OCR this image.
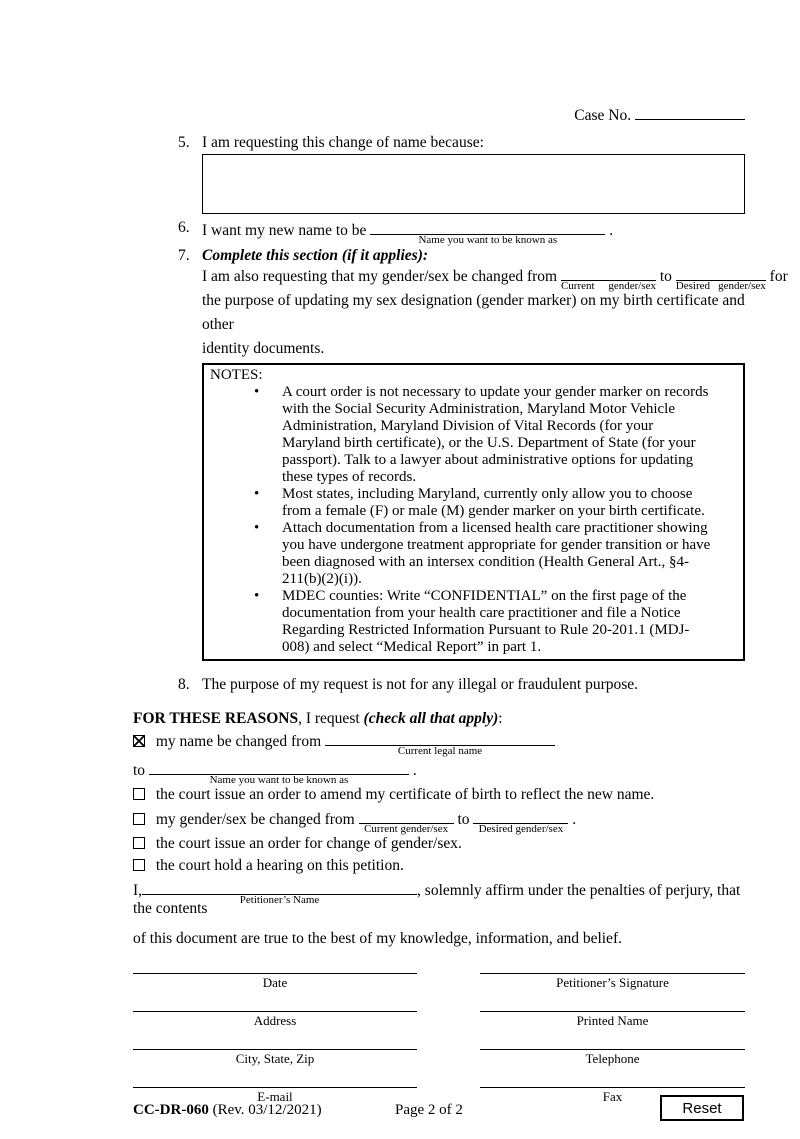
Case No.
5. I am requesting this change of name because:
6. I want my new name to be
Name you want to be known as
.
7. Complete this section (if it applies):
I am also requesting that my gender/sex be changed from
Current gender/sex
to
Desired gender/sex
for
the purpose of updating my sex designation (gender marker) on my birth certificate and other
identity documents.
NOTES:
• A court order is not necessary to update your gender marker on records with the Social Security Administration, Maryland Motor Vehicle Administration, Maryland Division of Vital Records (for your Maryland birth certificate), or the U.S. Department of State (for your passport). Talk to a lawyer about administrative options for updating these types of records.
• Most states, including Maryland, currently only allow you to choose from a female (F) or male (M) gender marker on your birth certificate.
• Attach documentation from a licensed health care practitioner showing you have undergone treatment appropriate for gender transition or have been diagnosed with an intersex condition (Health General Art., §4-211(b)(2)(i)).
• MDEC counties: Write “CONFIDENTIAL” on the first page of the documentation from your health care practitioner and file a Notice Regarding Restricted Information Pursuant to Rule 20-201.1 (MDJ-008) and select “Medical Report” in part 1.
8. The purpose of my request is not for any illegal or fraudulent purpose.
FOR THESE REASONS, I request (check all that apply):
my name be changed from
Current legal name
to
Name you want to be known as
.
the court issue an order to amend my certificate of birth to reflect the new name.
my gender/sex be changed from
Current gender/sex
to
Desired gender/sex
.
the court issue an order for change of gender/sex.
the court hold a hearing on this petition.
I,
Petitioner’s Name
, solemnly affirm under the penalties of perjury, that the contents
of this document are true to the best of my knowledge, information, and belief.
Date	Petitioner’s Signature
Address	Printed Name
City, State, Zip	Telephone
E-mail	Fax
CC-DR-060 (Rev. 03/12/2021)	Page 2 of 2	Reset
